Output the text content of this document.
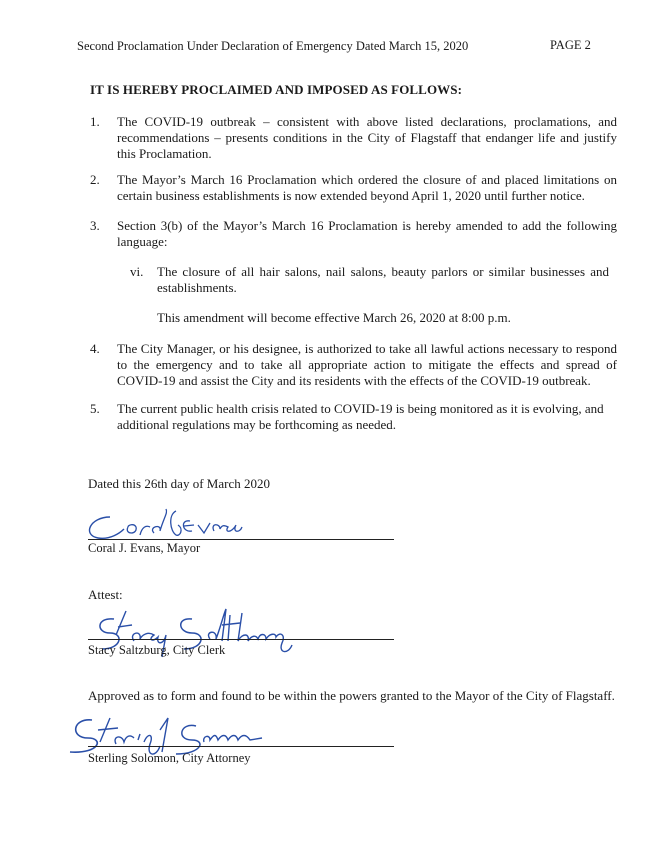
Second Proclamation Under Declaration of Emergency Dated March 15, 2020	PAGE 2
IT IS HEREBY PROCLAIMED AND IMPOSED AS FOLLOWS:
1. The COVID-19 outbreak – consistent with above listed declarations, proclamations, and recommendations – presents conditions in the City of Flagstaff that endanger life and justify this Proclamation.
2. The Mayor’s March 16 Proclamation which ordered the closure of and placed limitations on certain business establishments is now extended beyond April 1, 2020 until further notice.
3. Section 3(b) of the Mayor’s March 16 Proclamation is hereby amended to add the following language:
vi. The closure of all hair salons, nail salons, beauty parlors or similar businesses and establishments.
This amendment will become effective March 26, 2020 at 8:00 p.m.
4. The City Manager, or his designee, is authorized to take all lawful actions necessary to respond to the emergency and to take all appropriate action to mitigate the effects and spread of COVID-19 and assist the City and its residents with the effects of the COVID-19 outbreak.
5. The current public health crisis related to COVID-19 is being monitored as it is evolving, and additional regulations may be forthcoming as needed.
Dated this 26th day of March 2020
Coral J. Evans, Mayor
Attest:
Stacy Saltzburg, City Clerk
Approved as to form and found to be within the powers granted to the Mayor of the City of Flagstaff.
Sterling Solomon, City Attorney
